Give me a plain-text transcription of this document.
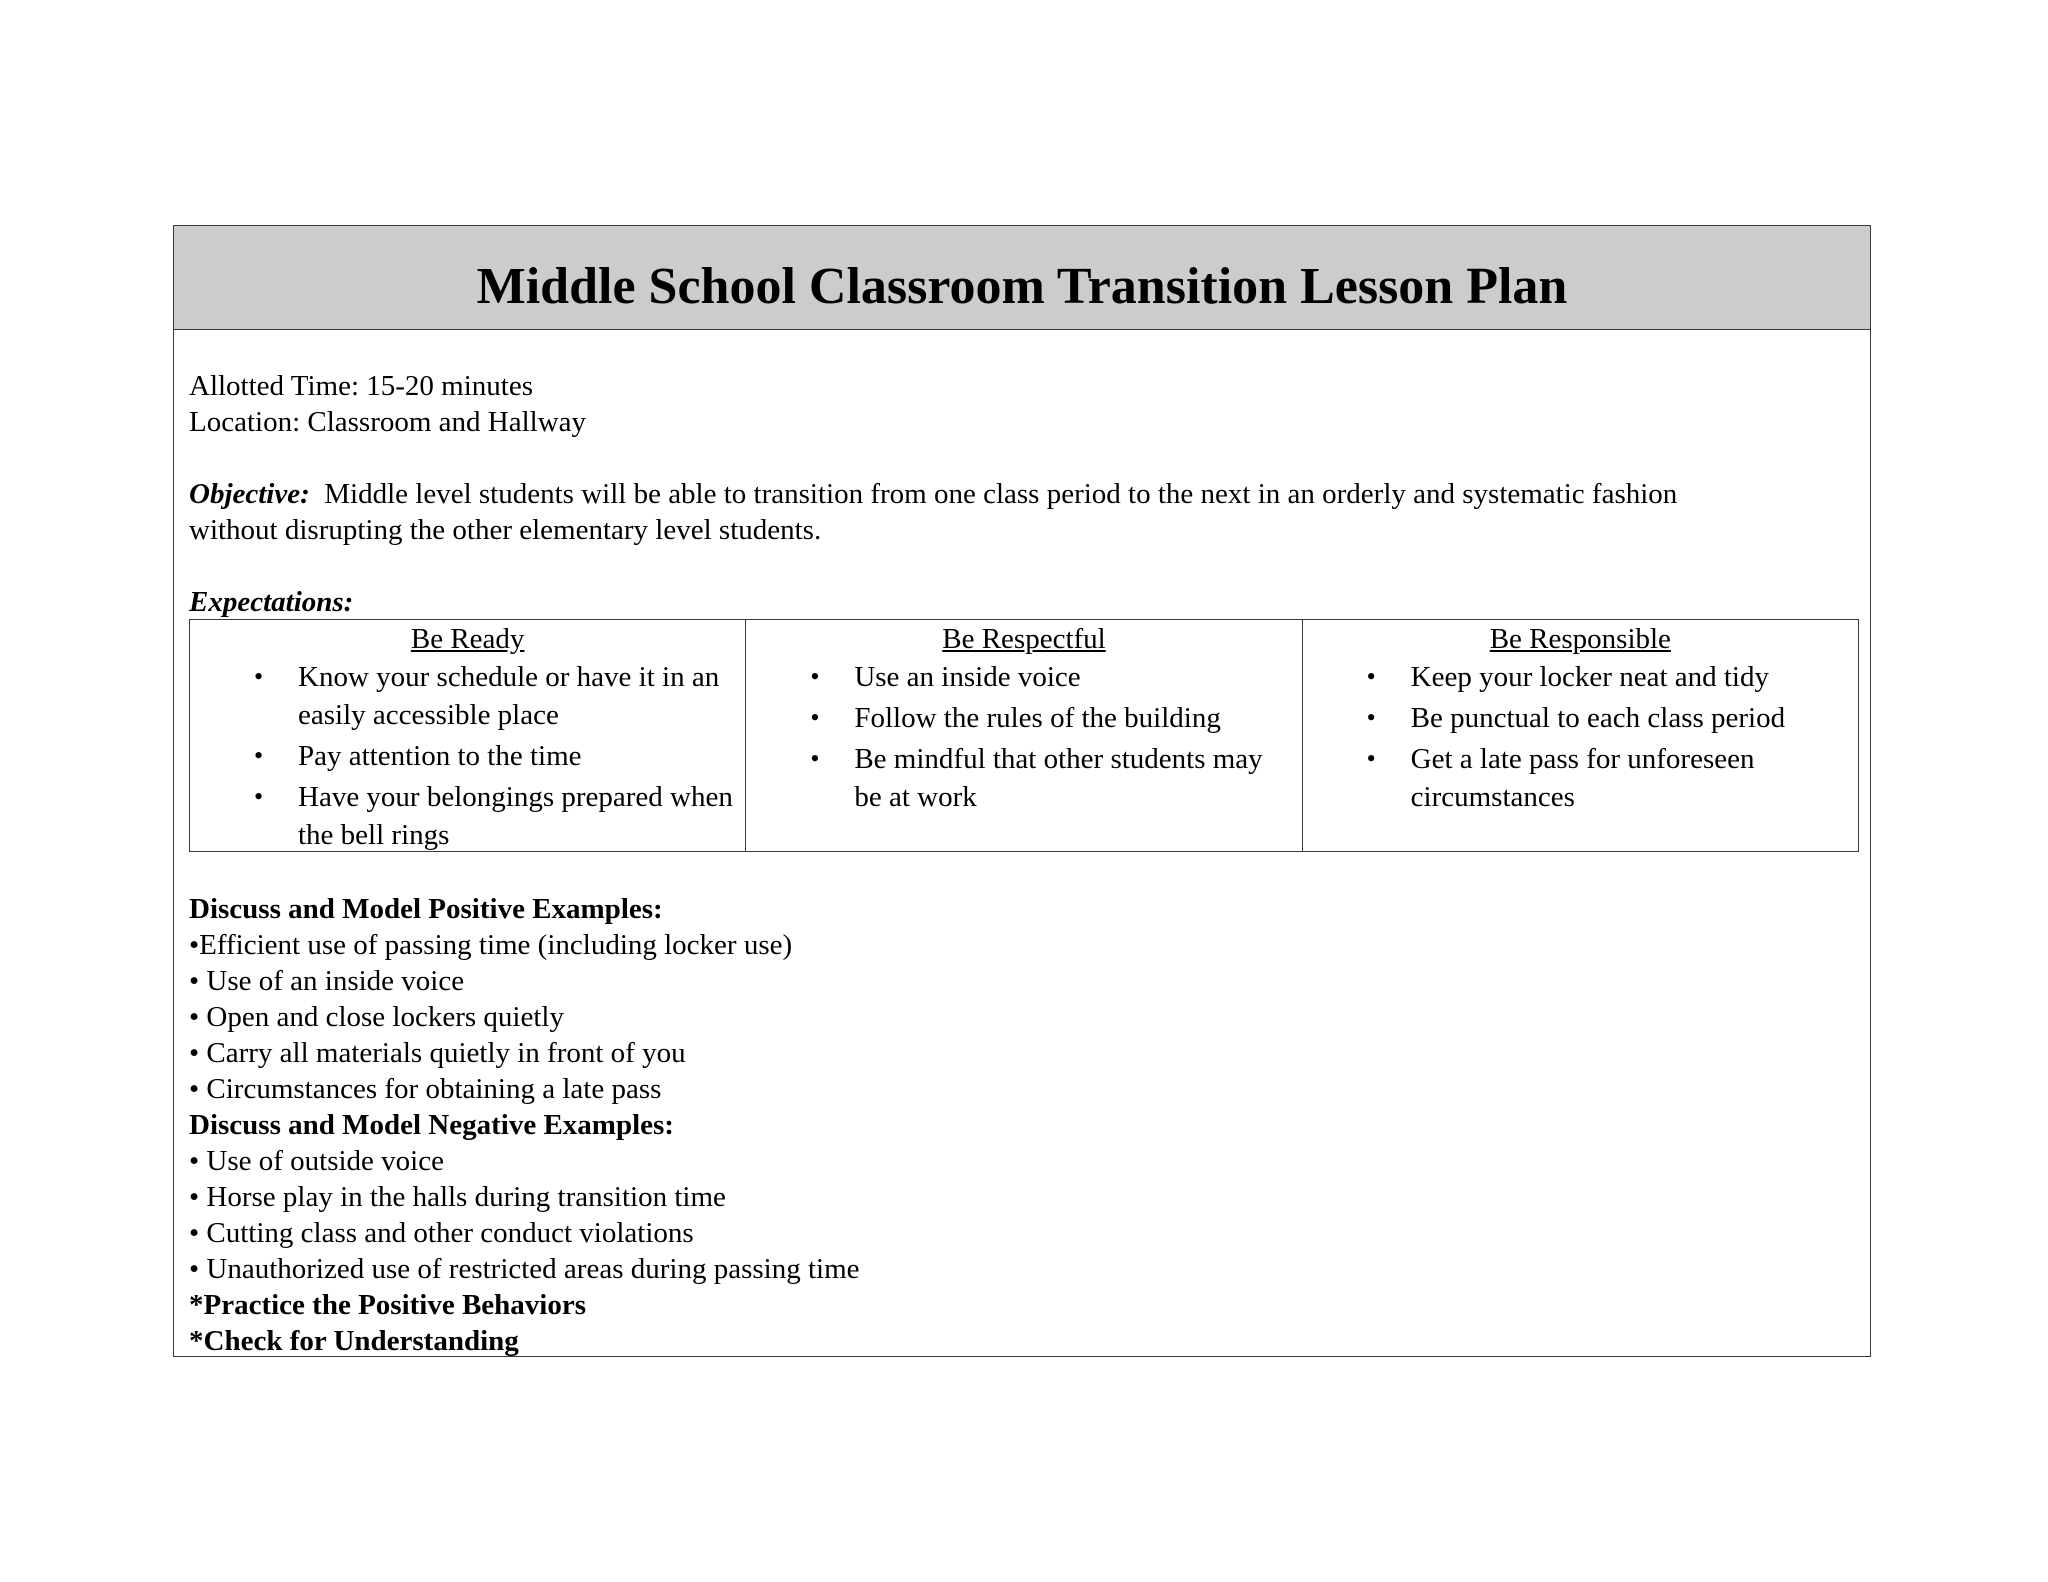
Middle School Classroom Transition Lesson Plan
Allotted Time: 15-20 minutes
Location: Classroom and Hallway
Objective: Middle level students will be able to transition from one class period to the next in an orderly and systematic fashion
without disrupting the other elementary level students.
Expectations:

Be Ready

• Know your schedule or have it in an easily accessible place
• Pay attention to the time
• Have your belongings prepared when the bell rings

Be Respectful

• Use an inside voice
• Follow the rules of the building
• Be mindful that other students may be at work

Be Responsible

• Keep your locker neat and tidy
• Be punctual to each class period
• Get a late pass for unforeseen circumstances
Discuss and Model Positive Examples:
•Efficient use of passing time (including locker use)
• Use of an inside voice
• Open and close lockers quietly
• Carry all materials quietly in front of you
• Circumstances for obtaining a late pass
Discuss and Model Negative Examples:
• Use of outside voice
• Horse play in the halls during transition time
• Cutting class and other conduct violations
• Unauthorized use of restricted areas during passing time
*Practice the Positive Behaviors
*Check for Understanding
